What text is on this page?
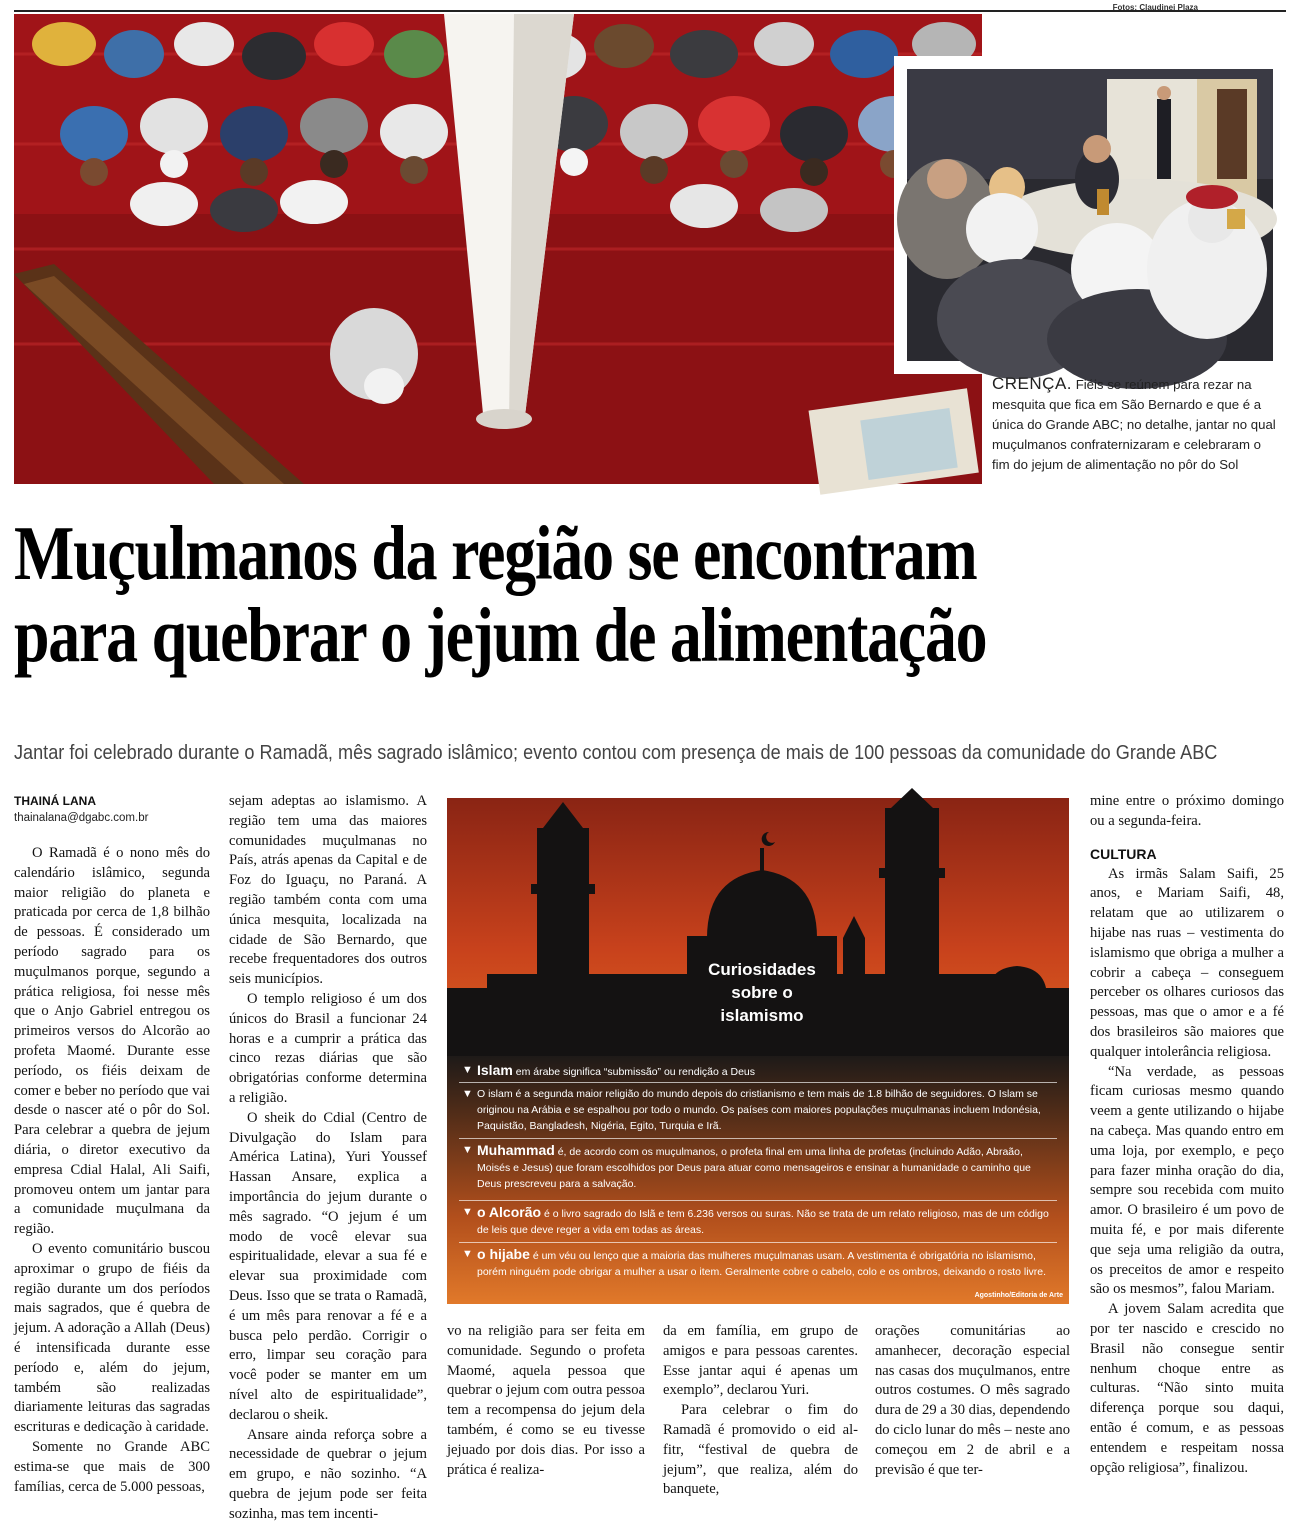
Fotos: Claudinei Plaza
CRENÇA. Fiéis se reúnem para rezar na mesquita que fica em São Bernardo e que é a única do Grande ABC; no detalhe, jantar no qual muçulmanos confraternizaram e celebraram o fim do jejum de alimentação no pôr do Sol
Muçulmanos da região se encontram
para quebrar o jejum de alimentação
Jantar foi celebrado durante o Ramadã, mês sagrado islâmico; evento contou com presença de mais de 100 pessoas da comunidade do Grande ABC
THAINÁ LANA
thainalana@dgabc.com.br

O Ramadã é o nono mês do calendário islâmico, segunda maior religião do planeta e praticada por cerca de 1,8 bilhão de pessoas. É considerado um período sagrado para os muçulmanos porque, segundo a prática religiosa, foi nesse mês que o Anjo Gabriel entregou os primeiros versos do Alcorão ao profeta Maomé. Durante esse período, os fiéis deixam de comer e beber no período que vai desde o nascer até o pôr do Sol. Para celebrar a quebra de jejum diária, o diretor executivo da empresa Cdial Halal, Ali Saifi, promoveu ontem um jantar para a comunidade muçulmana da região.

O evento comunitário buscou aproximar o grupo de fiéis da região durante um dos períodos mais sagrados, que é quebra de jejum. A adoração a Allah (Deus) é intensificada durante esse período e, além do jejum, também são realizadas diariamente leituras das sagradas escrituras e dedicação à caridade.

Somente no Grande ABC estima-se que mais de 300 famílias, cerca de 5.000 pessoas,

sejam adeptas ao islamismo. A região tem uma das maiores comunidades muçulmanas no País, atrás apenas da Capital e de Foz do Iguaçu, no Paraná. A região também conta com uma única mesquita, localizada na cidade de São Bernardo, que recebe frequentadores dos outros seis municípios.

O templo religioso é um dos únicos do Brasil a funcionar 24 horas e a cumprir a prática das cinco rezas diárias que são obrigatórias conforme determina a religião.

O sheik do Cdial (Centro de Divulgação do Islam para América Latina), Yuri Youssef Hassan Ansare, explica a importância do jejum durante o mês sagrado. “O jejum é um modo de você elevar sua espiritualidade, elevar a sua fé e elevar sua proximidade com Deus. Isso que se trata o Ramadã, é um mês para renovar a fé e a busca pelo perdão. Corrigir o erro, limpar seu coração para você poder se manter em um nível alto de espiritualidade”, declarou o sheik.

Ansare ainda reforça sobre a necessidade de quebrar o jejum em grupo, e não sozinho. “A quebra de jejum pode ser feita sozinha, mas tem incenti-

Curiosidades
sobre o
islamismo
▼ Islam em árabe significa “submissão” ou rendição a Deus
▼ O islam é a segunda maior religião do mundo depois do cristianismo e tem mais de 1.8 bilhão de seguidores. O Islam se originou na Arábia e se espalhou por todo o mundo. Os países com maiores populações muçulmanas incluem Indonésia, Paquistão, Bangladesh, Nigéria, Egito, Turquia e Irã.
▼ Muhammad é, de acordo com os muçulmanos, o profeta final em uma linha de profetas (incluindo Adão, Abraão, Moisés e Jesus) que foram escolhidos por Deus para atuar como mensageiros e ensinar a humanidade o caminho que Deus prescreveu para a salvação.
▼ o Alcorão é o livro sagrado do Islã e tem 6.236 versos ou suras. Não se trata de um relato religioso, mas de um código de leis que deve reger a vida em todas as áreas.
▼ o hijabe é um véu ou lenço que a maioria das mulheres muçulmanas usam. A vestimenta é obrigatória no islamismo, porém ninguém pode obrigar a mulher a usar o item. Geralmente cobre o cabelo, colo e os ombros, deixando o rosto livre.
Agostinho/Editoria de Arte

vo na religião para ser feita em comunidade. Segundo o profeta Maomé, aquela pessoa que quebrar o jejum com outra pessoa tem a recompensa do jejum dela também, é como se eu tivesse jejuado por dois dias. Por isso a prática é realiza-

da em família, em grupo de amigos e para pessoas carentes. Esse jantar aqui é apenas um exemplo”, declarou Yuri.

Para celebrar o fim do Ramadã é promovido o eid al-fitr, “festival de quebra de jejum”, que realiza, além do banquete,

orações comunitárias ao amanhecer, decoração especial nas casas dos muçulmanos, entre outros costumes. O mês sagrado dura de 29 a 30 dias, dependendo do ciclo lunar do mês – neste ano começou em 2 de abril e a previsão é que ter-

mine entre o próximo domingo ou a segunda-feira.

CULTURA

As irmãs Salam Saifi, 25 anos, e Mariam Saifi, 48, relatam que ao utilizarem o hijabe nas ruas – vestimenta do islamismo que obriga a mulher a cobrir a cabeça – conseguem perceber os olhares curiosos das pessoas, mas que o amor e a fé dos brasileiros são maiores que qualquer intolerância religiosa.

“Na verdade, as pessoas ficam curiosas mesmo quando veem a gente utilizando o hijabe na cabeça. Mas quando entro em uma loja, por exemplo, e peço para fazer minha oração do dia, sempre sou recebida com muito amor. O brasileiro é um povo de muita fé, e por mais diferente que seja uma religião da outra, os preceitos de amor e respeito são os mesmos”, falou Mariam.

A jovem Salam acredita que por ter nascido e crescido no Brasil não consegue sentir nenhum choque entre as culturas. “Não sinto muita diferença porque sou daqui, então é comum, e as pessoas entendem e respeitam nossa opção religiosa”, finalizou.
